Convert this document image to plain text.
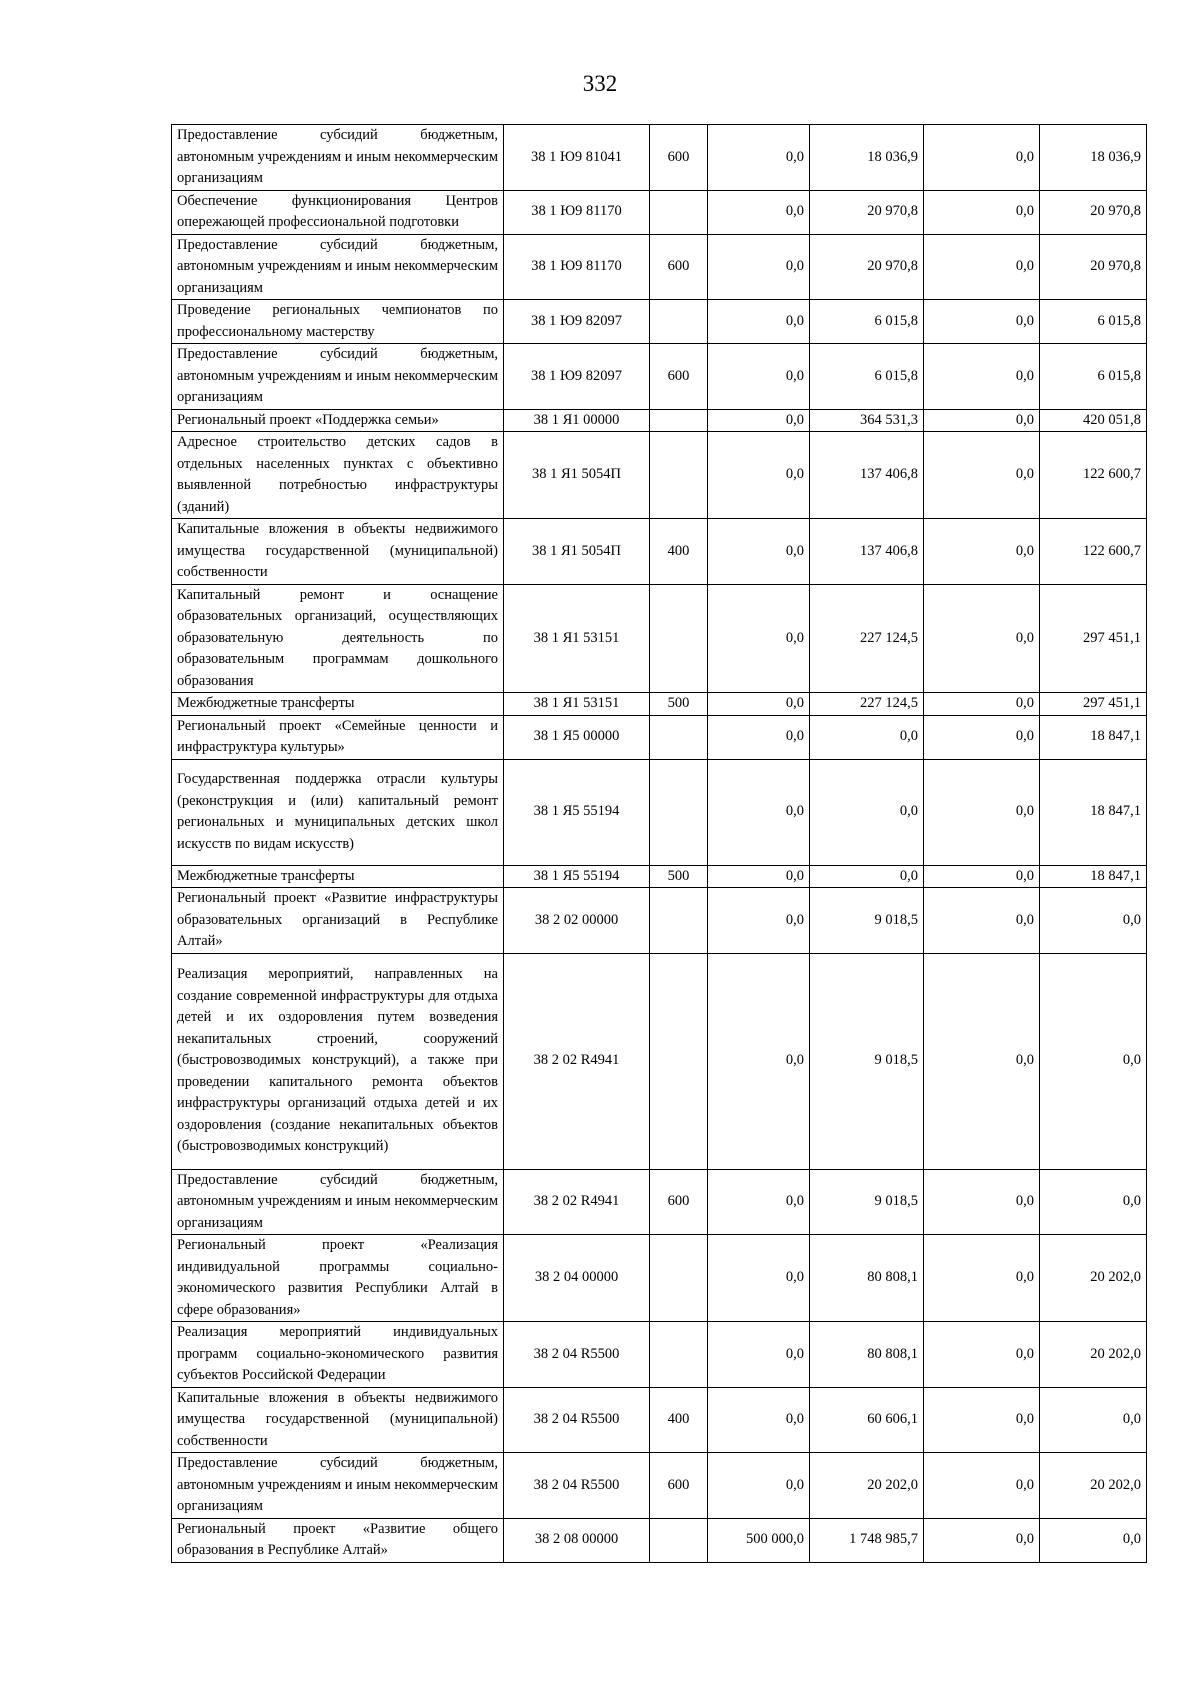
332
Предоставление субсидий бюджетным, автономным учреждениям и иным некоммерческим организациям	38 1 Ю9 81041	600	0,0	18 036,9	0,0	18 036,9
Обеспечение функционирования Центров опережающей профессиональной подготовки	38 1 Ю9 81170		0,0	20 970,8	0,0	20 970,8
Предоставление субсидий бюджетным, автономным учреждениям и иным некоммерческим организациям	38 1 Ю9 81170	600	0,0	20 970,8	0,0	20 970,8
Проведение региональных чемпионатов по профессиональному мастерству	38 1 Ю9 82097		0,0	6 015,8	0,0	6 015,8
Предоставление субсидий бюджетным, автономным учреждениям и иным некоммерческим организациям	38 1 Ю9 82097	600	0,0	6 015,8	0,0	6 015,8
Региональный проект «Поддержка семьи»	38 1 Я1 00000		0,0	364 531,3	0,0	420 051,8
Адресное строительство детских садов в отдельных населенных пунктах с объективно выявленной потребностью инфраструктуры (зданий)	38 1 Я1 5054П		0,0	137 406,8	0,0	122 600,7
Капитальные вложения в объекты недвижимого имущества государственной (муниципальной) собственности	38 1 Я1 5054П	400	0,0	137 406,8	0,0	122 600,7
Капитальный ремонт и оснащение образовательных организаций, осуществляющих образовательную деятельность по образовательным программам дошкольного образования	38 1 Я1 53151		0,0	227 124,5	0,0	297 451,1
Межбюджетные трансферты	38 1 Я1 53151	500	0,0	227 124,5	0,0	297 451,1
Региональный проект «Семейные ценности и инфраструктура культуры»	38 1 Я5 00000		0,0	0,0	0,0	18 847,1
Государственная поддержка отрасли культуры (реконструкция и (или) капитальный ремонт региональных и муниципальных детских школ искусств по видам искусств)	38 1 Я5 55194		0,0	0,0	0,0	18 847,1
Межбюджетные трансферты	38 1 Я5 55194	500	0,0	0,0	0,0	18 847,1
Региональный проект «Развитие инфраструктуры образовательных организаций в Республике Алтай»	38 2 02 00000		0,0	9 018,5	0,0	0,0
Реализация мероприятий, направленных на создание современной инфраструктуры для отдыха детей и их оздоровления путем возведения некапитальных строений, сооружений (быстровозводимых конструкций), а также при проведении капитального ремонта объектов инфраструктуры организаций отдыха детей и их оздоровления (создание некапитальных объектов (быстровозводимых конструкций)	38 2 02 R4941		0,0	9 018,5	0,0	0,0
Предоставление субсидий бюджетным, автономным учреждениям и иным некоммерческим организациям	38 2 02 R4941	600	0,0	9 018,5	0,0	0,0
Региональный проект «Реализация индивидуальной программы социально-экономического развития Республики Алтай в сфере образования»	38 2 04 00000		0,0	80 808,1	0,0	20 202,0
Реализация мероприятий индивидуальных программ социально-экономического развития субъектов Российской Федерации	38 2 04 R5500		0,0	80 808,1	0,0	20 202,0
Капитальные вложения в объекты недвижимого имущества государственной (муниципальной) собственности	38 2 04 R5500	400	0,0	60 606,1	0,0	0,0
Предоставление субсидий бюджетным, автономным учреждениям и иным некоммерческим организациям	38 2 04 R5500	600	0,0	20 202,0	0,0	20 202,0
Региональный проект «Развитие общего образования в Республике Алтай»	38 2 08 00000		500 000,0	1 748 985,7	0,0	0,0
